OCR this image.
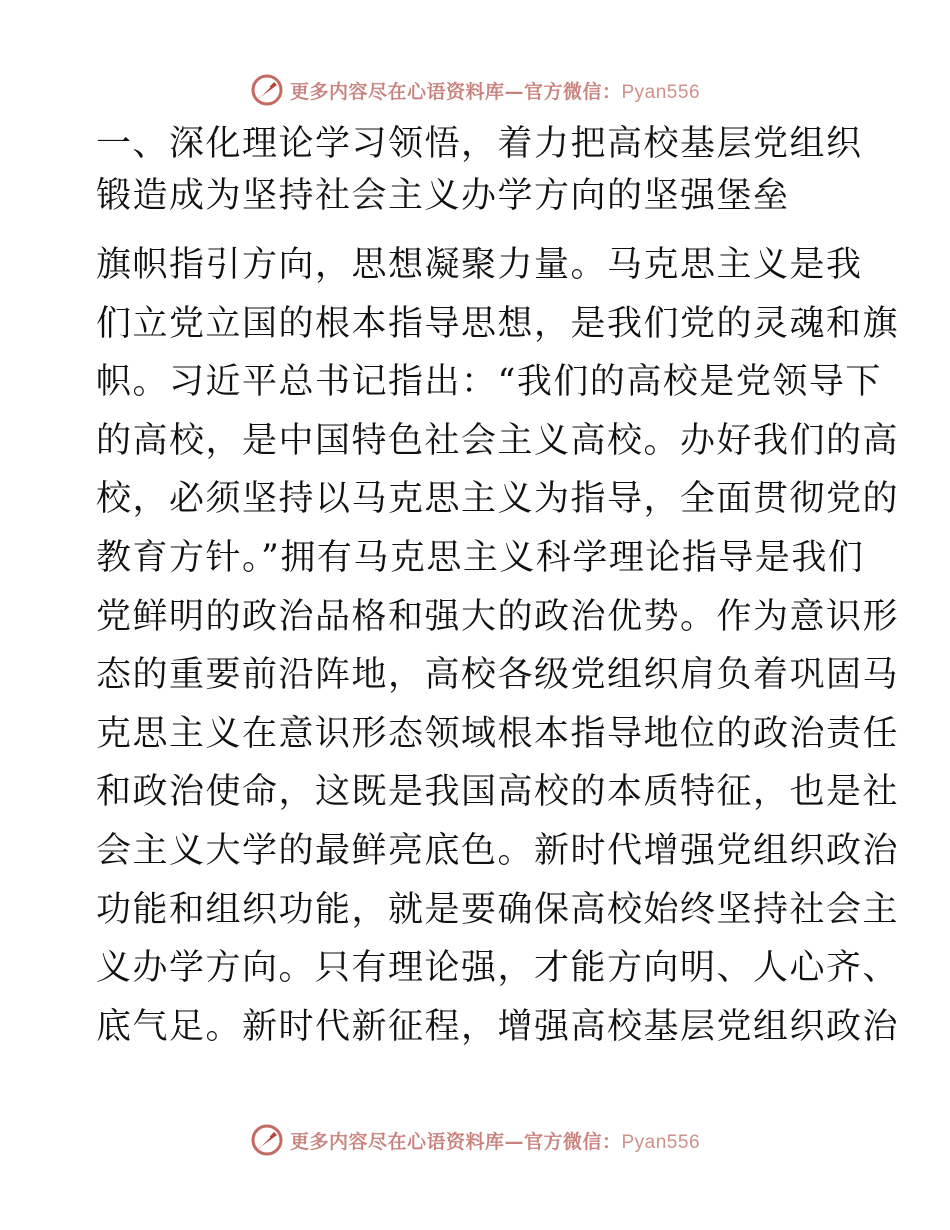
更多内容尽在心语资料库—官方微信：Pyan556
一、深化理论学习领悟，着力把高校基层党组织
锻造成为坚持社会主义办学方向的坚强堡垒

旗帜指引方向，思想凝聚力量。马克思主义是我
们立党立国的根本指导思想，是我们党的灵魂和旗
帜。习近平总书记指出：“我们的高校是党领导下
的高校，是中国特色社会主义高校。办好我们的高
校，必须坚持以马克思主义为指导，全面贯彻党的
教育方针。”拥有马克思主义科学理论指导是我们
党鲜明的政治品格和强大的政治优势。作为意识形
态的重要前沿阵地，高校各级党组织肩负着巩固马
克思主义在意识形态领域根本指导地位的政治责任
和政治使命，这既是我国高校的本质特征，也是社
会主义大学的最鲜亮底色。新时代增强党组织政治
功能和组织功能，就是要确保高校始终坚持社会主
义办学方向。只有理论强，才能方向明、人心齐、
底气足。新时代新征程，增强高校基层党组织政治

更多内容尽在心语资料库—官方微信：Pyan556
